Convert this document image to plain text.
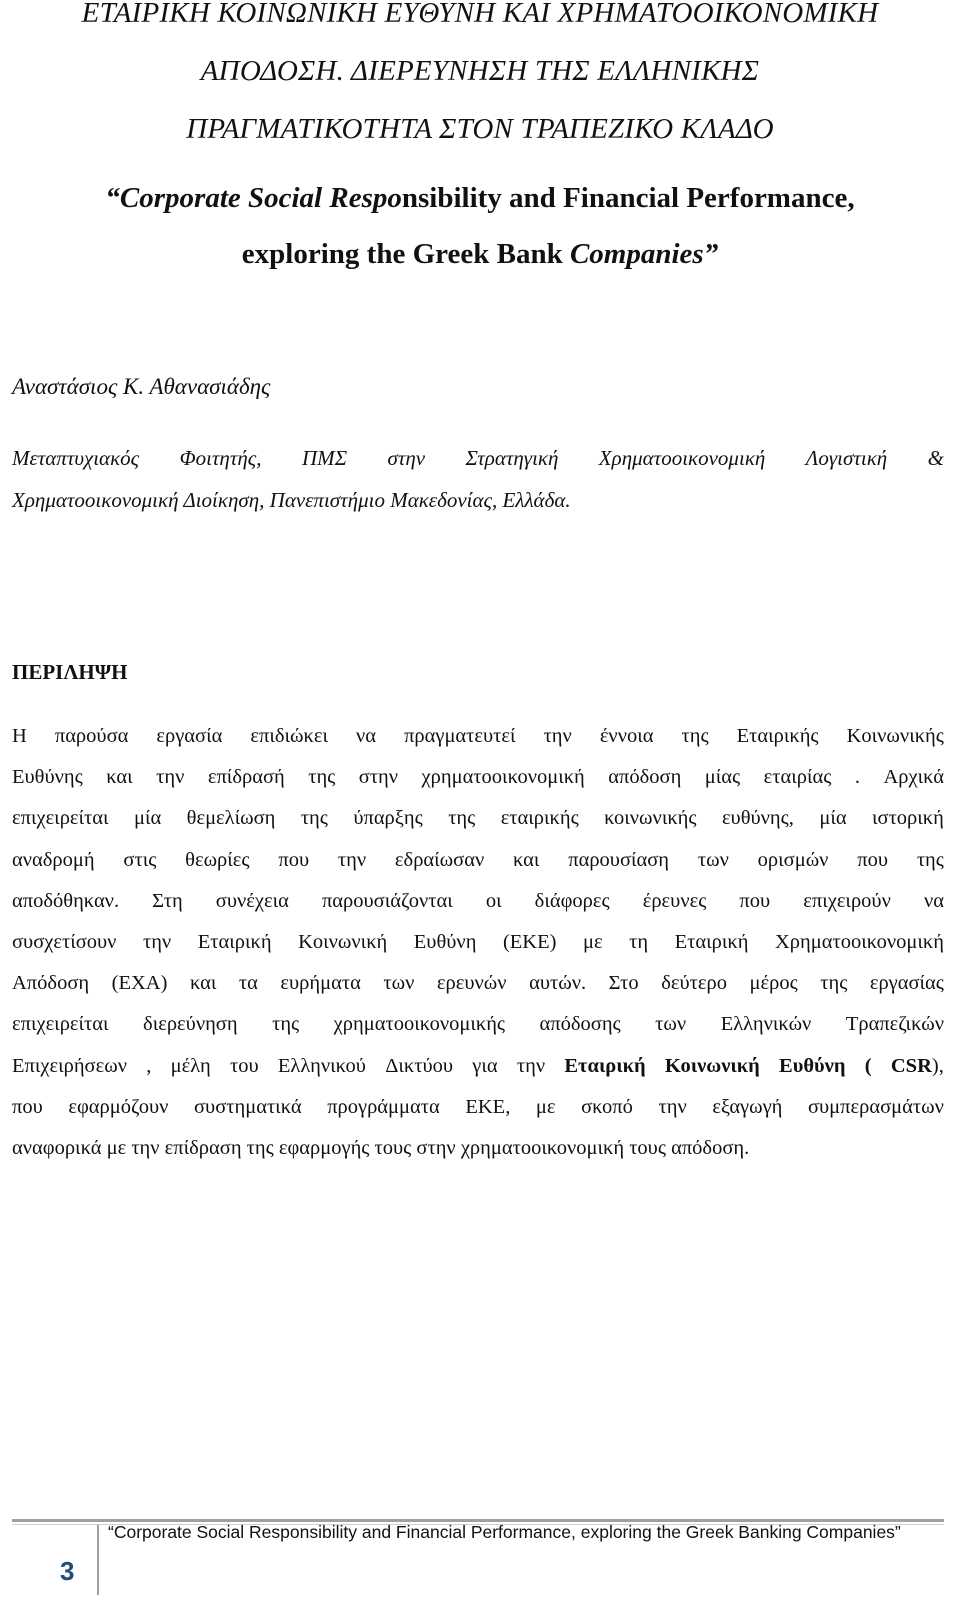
ΕΤΑΙΡΙΚΗ ΚΟΙΝΩΝΙΚΗ ΕΥΘΥΝΗ ΚΑΙ ΧΡΗΜΑΤΟΟΙΚΟΝΟΜΙΚΗ
ΑΠΟΔΟΣΗ. ΔΙΕΡΕΥΝΗΣΗ ΤΗΣ ΕΛΛΗΝΙΚΗΣ
ΠΡΑΓΜΑΤΙΚΟΤΗΤΑ ΣΤΟΝ ΤΡΑΠΕΖΙΚΟ ΚΛΑΔΟ
“Corporate Social Responsibility and Financial Performance,
exploring the Greek Bank Companies”
Αναστάσιος Κ. Αθανασιάδης
Μεταπτυχιακός Φοιτητής, ΠΜΣ στην Στρατηγική Χρηματοοικονομική Λογιστική &
Χρηματοοικονομική Διοίκηση, Πανεπιστήμιο Μακεδονίας, Ελλάδα.
ΠΕΡΙΛΗΨΗ
Η παρούσα εργασία επιδιώκει να πραγματευτεί την έννοια της Εταιρικής Κοινωνικής
Ευθύνης και την επίδρασή της στην χρηματοοικονομική απόδοση μίας εταιρίας . Αρχικά
επιχειρείται μία θεμελίωση της ύπαρξης της εταιρικής κοινωνικής ευθύνης, μία ιστορική
αναδρομή στις θεωρίες που την εδραίωσαν και παρουσίαση των ορισμών που της
αποδόθηκαν. Στη συνέχεια παρουσιάζονται οι διάφορες έρευνες που επιχειρούν να
συσχετίσουν την Εταιρική Κοινωνική Ευθύνη (ΕΚΕ) με τη Εταιρική Χρηματοοικονομική
Απόδοση (ΕΧΑ) και τα ευρήματα των ερευνών αυτών. Στο δεύτερο μέρος της εργασίας
επιχειρείται διερεύνηση της χρηματοοικονομικής απόδοσης των Ελληνικών Τραπεζικών
Επιχειρήσεων , μέλη του Ελληνικού Δικτύου για την Εταιρική Κοινωνική Ευθύνη ( CSR),
που εφαρμόζουν συστηματικά προγράμματα ΕΚΕ, με σκοπό την εξαγωγή συμπερασμάτων
αναφορικά με την επίδραση της εφαρμογής τους στην χρηματοοικονομική τους απόδοση.
3
“Corporate Social Responsibility and Financial Performance, exploring the Greek Banking Companies”
